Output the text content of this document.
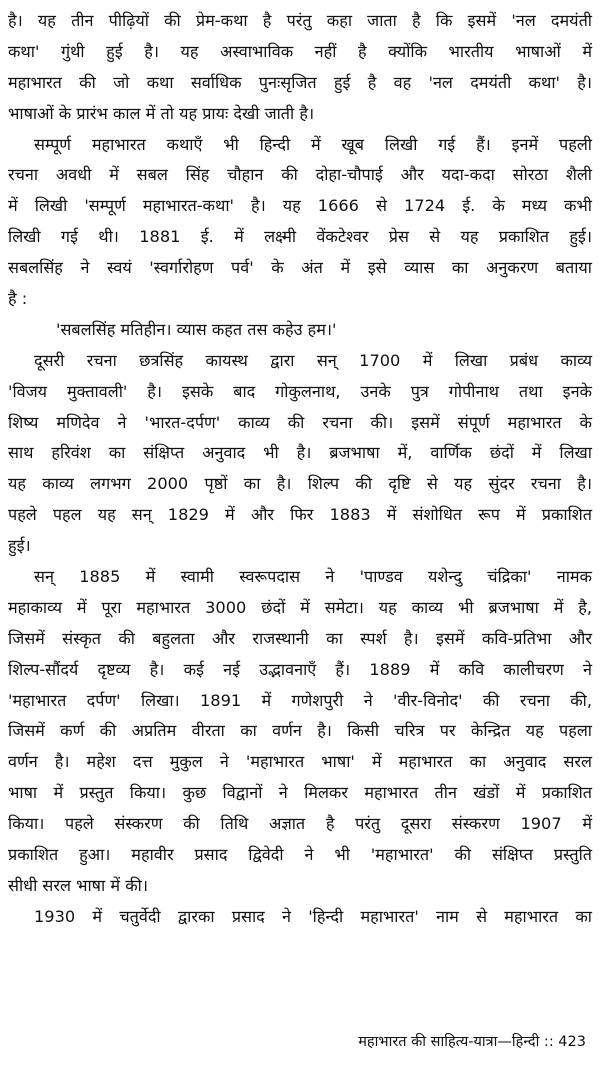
है। यह तीन पीढ़ियों की प्रेम-कथा है परंतु कहा जाता है कि इसमें 'नल दमयंती
कथा' गुंथी हुई है। यह अस्वाभाविक नहीं है क्योंकि भारतीय भाषाओं में
महाभारत की जो कथा सर्वाधिक पुनःसृजित हुई है वह 'नल दमयंती कथा' है।
भाषाओं के प्रारंभ काल में तो यह प्रायः देखी जाती है।
सम्पूर्ण महाभारत कथाएँ भी हिन्दी में खूब लिखी गई हैं। इनमें पहली
रचना अवधी में सबल सिंह चौहान की दोहा-चौपाई और यदा-कदा सोरठा शैली
में लिखी 'सम्पूर्ण महाभारत-कथा' है। यह 1666 से 1724 ई. के मध्य कभी
लिखी गई थी। 1881 ई. में लक्ष्मी वेंकटेश्वर प्रेस से यह प्रकाशित हुई।
सबलसिंह ने स्वयं 'स्वर्गारोहण पर्व' के अंत में इसे व्यास का अनुकरण बताया
है :
'सबलसिंह मतिहीन। व्यास कहत तस कहेउ हम।'
दूसरी रचना छत्रसिंह कायस्थ द्वारा सन् 1700 में लिखा प्रबंध काव्य
'विजय मुक्तावली' है। इसके बाद गोकुलनाथ, उनके पुत्र गोपीनाथ तथा इनके
शिष्य मणिदेव ने 'भारत-दर्पण' काव्य की रचना की। इसमें संपूर्ण महाभारत के
साथ हरिवंश का संक्षिप्त अनुवाद भी है। ब्रजभाषा में, वार्णिक छंदों में लिखा
यह काव्य लगभग 2000 पृष्ठों का है। शिल्प की दृष्टि से यह सुंदर रचना है।
पहले पहल यह सन् 1829 में और फिर 1883 में संशोधित रूप में प्रकाशित
हुई।
सन् 1885 में स्वामी स्वरूपदास ने 'पाण्डव यशेन्दु चंद्रिका' नामक
महाकाव्य में पूरा महाभारत 3000 छंदों में समेटा। यह काव्य भी ब्रजभाषा में है,
जिसमें संस्कृत की बहुलता और राजस्थानी का स्पर्श है। इसमें कवि-प्रतिभा और
शिल्प-सौंदर्य दृष्टव्य है। कई नई उद्भावनाएँ हैं। 1889 में कवि कालीचरण ने
'महाभारत दर्पण' लिखा। 1891 में गणेशपुरी ने 'वीर-विनोद' की रचना की,
जिसमें कर्ण की अप्रतिम वीरता का वर्णन है। किसी चरित्र पर केन्द्रित यह पहला
वर्णन है। महेश दत्त मुकुल ने 'महाभारत भाषा' में महाभारत का अनुवाद सरल
भाषा में प्रस्तुत किया। कुछ विद्वानों ने मिलकर महाभारत तीन खंडों में प्रकाशित
किया। पहले संस्करण की तिथि अज्ञात है परंतु दूसरा संस्करण 1907 में
प्रकाशित हुआ। महावीर प्रसाद द्विवेदी ने भी 'महाभारत' की संक्षिप्त प्रस्तुति
सीधी सरल भाषा में की।
1930 में चतुर्वेदी द्वारका प्रसाद ने 'हिन्दी महाभारत' नाम से महाभारत का
महाभारत की साहित्य-यात्रा—हिन्दी :: 423
